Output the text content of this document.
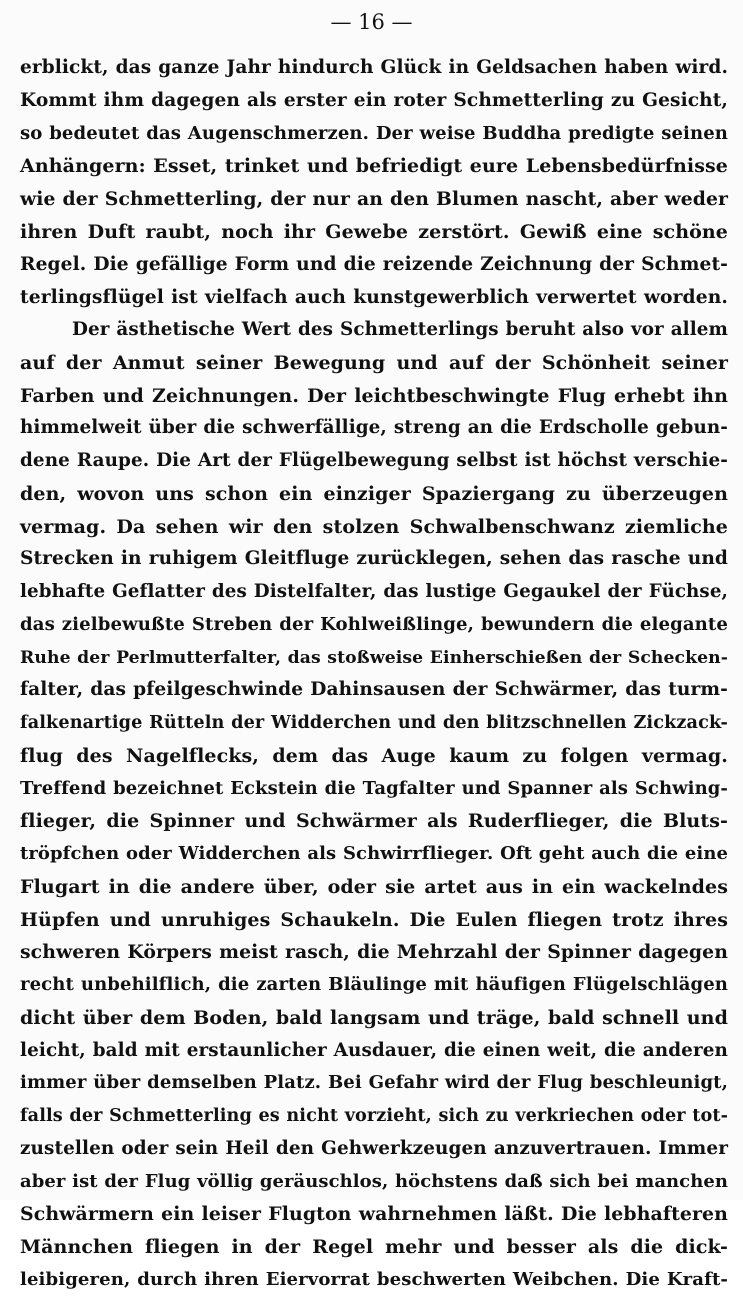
— 16 —
erblickt, das ganze Jahr hindurch Glück in Geldsachen haben wird.
Kommt ihm dagegen als erster ein roter Schmetterling zu Gesicht,
so bedeutet das Augenschmerzen. Der weise Buddha predigte seinen
Anhängern: Esset, trinket und befriedigt eure Lebensbedürfnisse
wie der Schmetterling, der nur an den Blumen nascht, aber weder
ihren Duft raubt, noch ihr Gewebe zerstört. Gewiß eine schöne
Regel. Die gefällige Form und die reizende Zeichnung der Schmet-
terlingsflügel ist vielfach auch kunstgewerblich verwertet worden.
Der ästhetische Wert des Schmetterlings beruht also vor allem
auf der Anmut seiner Bewegung und auf der Schönheit seiner
Farben und Zeichnungen. Der leichtbeschwingte Flug erhebt ihn
himmelweit über die schwerfällige, streng an die Erdscholle gebun-
dene Raupe. Die Art der Flügelbewegung selbst ist höchst verschie-
den, wovon uns schon ein einziger Spaziergang zu überzeugen
vermag. Da sehen wir den stolzen Schwalbenschwanz ziemliche
Strecken in ruhigem Gleitfluge zurücklegen, sehen das rasche und
lebhafte Geflatter des Distelfalter, das lustige Gegaukel der Füchse,
das zielbewußte Streben der Kohlweißlinge, bewundern die elegante
Ruhe der Perlmutterfalter, das stoßweise Einherschießen der Schecken-
falter, das pfeilgeschwinde Dahinsausen der Schwärmer, das turm-
falkenartige Rütteln der Widderchen und den blitzschnellen Zickzack-
flug des Nagelflecks, dem das Auge kaum zu folgen vermag.
Treffend bezeichnet Eckstein die Tagfalter und Spanner als Schwing-
flieger, die Spinner und Schwärmer als Ruderflieger, die Bluts-
tröpfchen oder Widderchen als Schwirrflieger. Oft geht auch die eine
Flugart in die andere über, oder sie artet aus in ein wackelndes
Hüpfen und unruhiges Schaukeln. Die Eulen fliegen trotz ihres
schweren Körpers meist rasch, die Mehrzahl der Spinner dagegen
recht unbehilflich, die zarten Bläulinge mit häufigen Flügelschlägen
dicht über dem Boden, bald langsam und träge, bald schnell und
leicht, bald mit erstaunlicher Ausdauer, die einen weit, die anderen
immer über demselben Platz. Bei Gefahr wird der Flug beschleunigt,
falls der Schmetterling es nicht vorzieht, sich zu verkriechen oder tot-
zustellen oder sein Heil den Gehwerkzeugen anzuvertrauen. Immer
aber ist der Flug völlig geräuschlos, höchstens daß sich bei manchen
Schwärmern ein leiser Flugton wahrnehmen läßt. Die lebhafteren
Männchen fliegen in der Regel mehr und besser als die dick-
leibigeren, durch ihren Eiervorrat beschwerten Weibchen. Die Kraft-
